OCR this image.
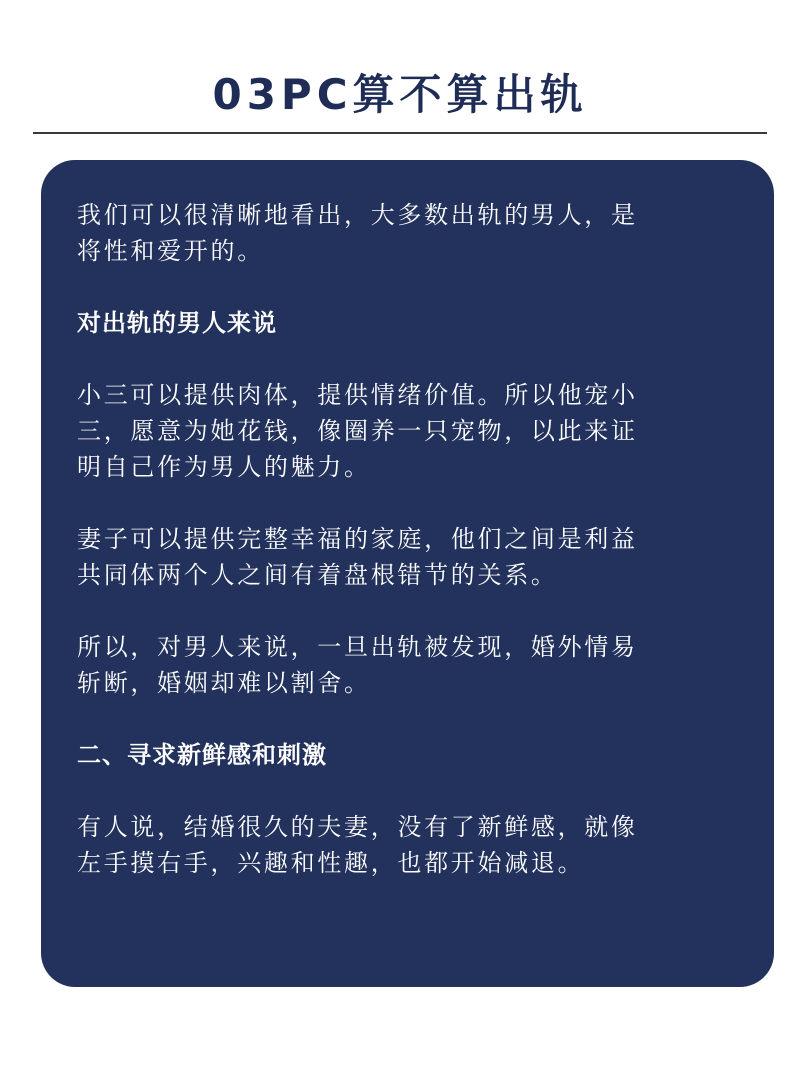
03PC算不算出轨

我们可以很清晰地看出，大多数出轨的男人，是
将性和爱开的。

对出轨的男人来说

小三可以提供肉体，提供情绪价值。所以他宠小
三，愿意为她花钱，像圈养一只宠物，以此来证
明自己作为男人的魅力。

妻子可以提供完整幸福的家庭，他们之间是利益
共同体两个人之间有着盘根错节的关系。

所以，对男人来说，一旦出轨被发现，婚外情易
斩断，婚姻却难以割舍。

二、寻求新鲜感和刺激

有人说，结婚很久的夫妻，没有了新鲜感，就像
左手摸右手，兴趣和性趣，也都开始减退。
